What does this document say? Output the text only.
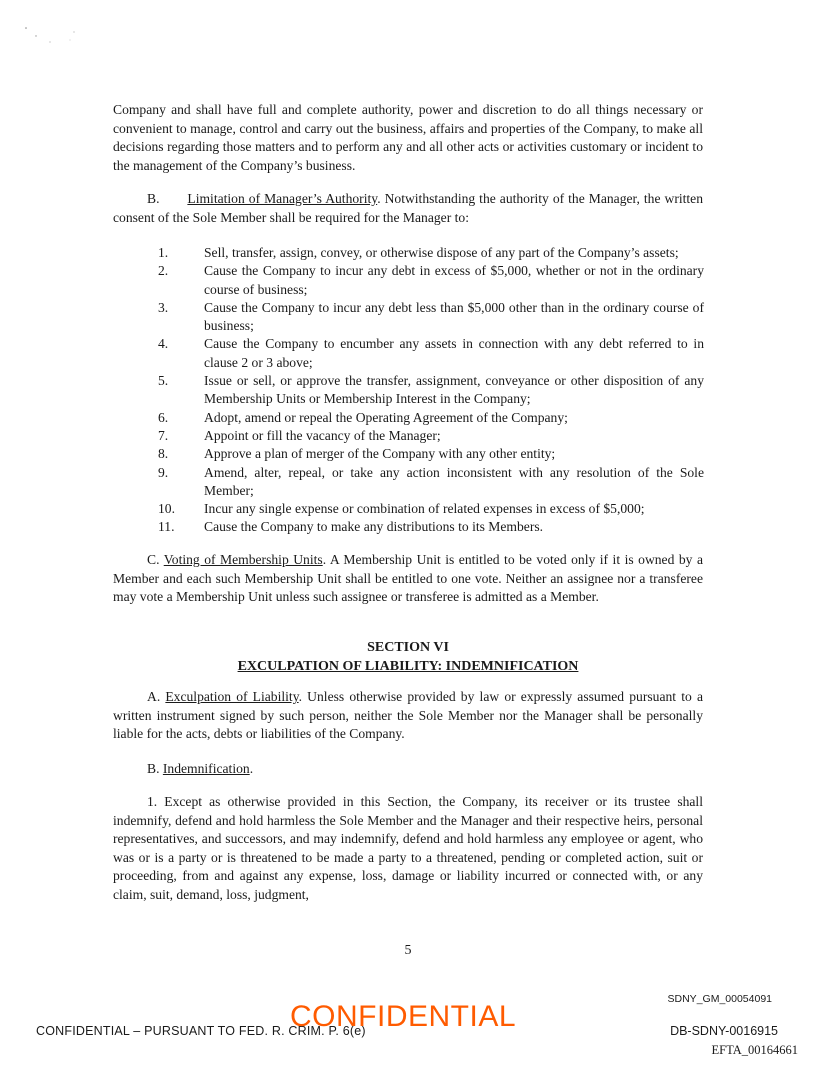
Company and shall have full and complete authority, power and discretion to do all things necessary or convenient to manage, control and carry out the business, affairs and properties of the Company, to make all decisions regarding those matters and to perform any and all other acts or activities customary or incident to the management of the Company’s business.

B. Limitation of Manager’s Authority. Notwithstanding the authority of the Manager, the written consent of the Sole Member shall be required for the Manager to:

1.	Sell, transfer, assign, convey, or otherwise dispose of any part of the Company’s assets;
2.	Cause the Company to incur any debt in excess of $5,000, whether or not in the ordinary course of business;
3.	Cause the Company to incur any debt less than $5,000 other than in the ordinary course of business;
4.	Cause the Company to encumber any assets in connection with any debt referred to in clause 2 or 3 above;
5.	Issue or sell, or approve the transfer, assignment, conveyance or other disposition of any Membership Units or Membership Interest in the Company;
6.	Adopt, amend or repeal the Operating Agreement of the Company;
7.	Appoint or fill the vacancy of the Manager;
8.	Approve a plan of merger of the Company with any other entity;
9.	Amend, alter, repeal, or take any action inconsistent with any resolution of the Sole Member;
10.	Incur any single expense or combination of related expenses in excess of $5,000;
11.	Cause the Company to make any distributions to its Members.

C. Voting of Membership Units. A Membership Unit is entitled to be voted only if it is owned by a Member and each such Membership Unit shall be entitled to one vote. Neither an assignee nor a transferee may vote a Membership Unit unless such assignee or transferee is admitted as a Member.

SECTION VI
EXCULPATION OF LIABILITY: INDEMNIFICATION

A. Exculpation of Liability. Unless otherwise provided by law or expressly assumed pursuant to a written instrument signed by such person, neither the Sole Member nor the Manager shall be personally liable for the acts, debts or liabilities of the Company.

B. Indemnification.

1. Except as otherwise provided in this Section, the Company, its receiver or its trustee shall indemnify, defend and hold harmless the Sole Member and the Manager and their respective heirs, personal representatives, and successors, and may indemnify, defend and hold harmless any employee or agent, who was or is a party or is threatened to be made a party to a threatened, pending or completed action, suit or proceeding, from and against any expense, loss, damage or liability incurred or connected with, or any claim, suit, demand, loss, judgment,

5
SDNY_GM_00054091
CONFIDENTIAL – PURSUANT TO FED. R. CRIM. P. 6(e)
CONFIDENTIAL	DB-SDNY-0016915
EFTA_00164661
